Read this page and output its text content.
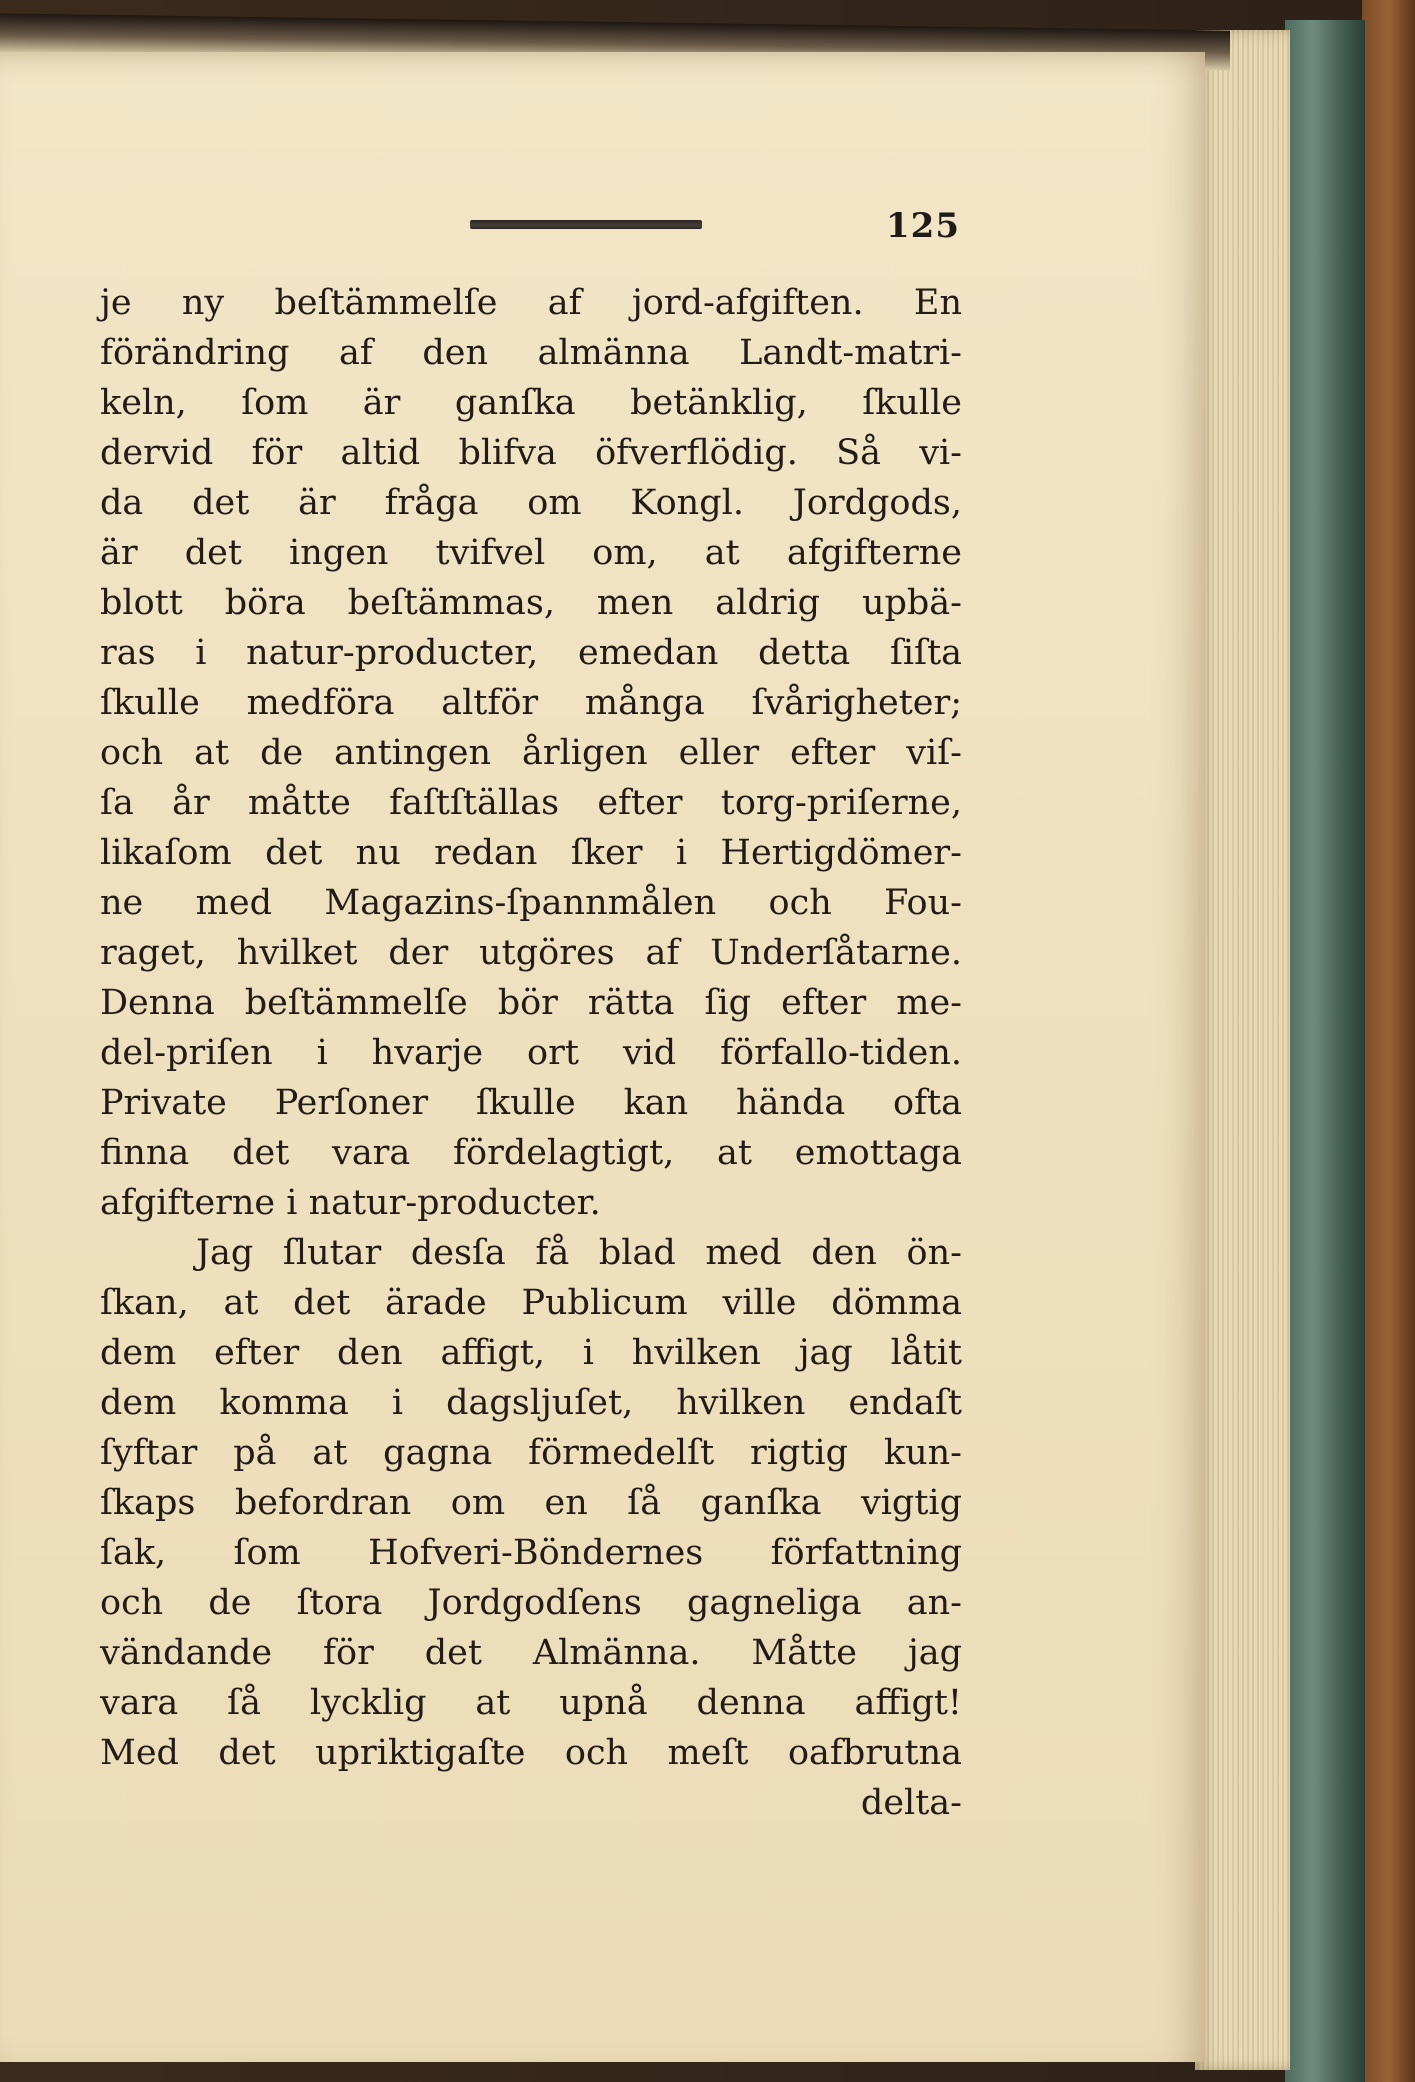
125
je ny beſtämmelſe af jord-afgiften. En
förändring af den almänna Landt-matri-
keln, ſom är ganſka betänklig, ſkulle
dervid för altid blifva öfverflödig. Så vi-
da det är fråga om Kongl. Jordgods,
är det ingen tvifvel om, at afgifterne
blott böra beſtämmas, men aldrig upbä-
ras i natur-producter, emedan detta ſiſta
ſkulle medföra altför många ſvårigheter;
och at de antingen årligen eller efter viſ-
ſa år måtte faſtſtällas efter torg-priſerne,
likaſom det nu redan ſker i Hertigdömer-
ne med Magazins-ſpannmålen och Fou-
raget, hvilket der utgöres af Underſåtarne.
Denna beſtämmelſe bör rätta ſig efter me-
del-priſen i hvarje ort vid förfallo-tiden.
Private Perſoner ſkulle kan hända ofta
finna det vara fördelagtigt, at emottaga
afgifterne i natur-producter.
Jag ſlutar desſa få blad med den ön-
ſkan, at det ärade Publicum ville dömma
dem efter den affigt, i hvilken jag låtit
dem komma i dagsljuſet, hvilken endaſt
ſyftar på at gagna förmedelſt rigtig kun-
ſkaps befordran om en ſå ganſka vigtig
ſak, ſom Hofveri-Böndernes författning
och de ſtora Jordgodſens gagneliga an-
vändande för det Almänna. Måtte jag
vara ſå lycklig at upnå denna affigt!
Med det upriktigaſte och meſt oafbrutna
delta-
